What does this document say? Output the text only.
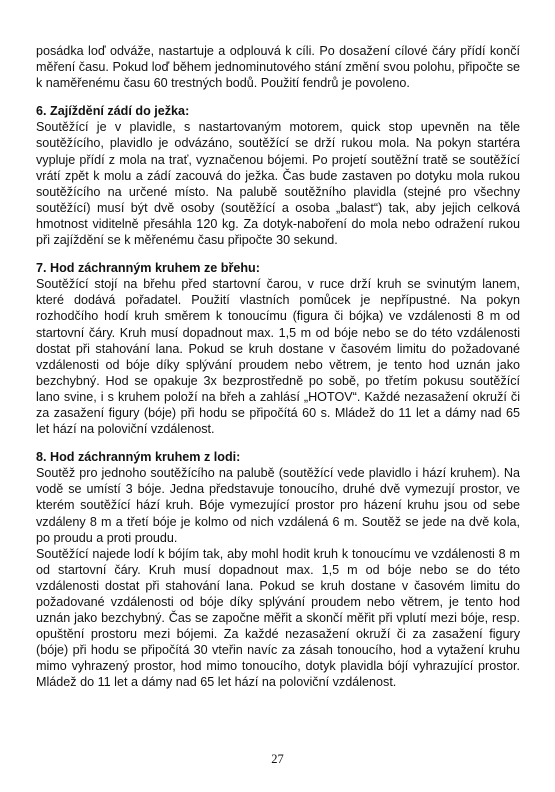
posádka loď odváže, nastartuje a odplouvá k cíli. Po dosažení cílové čáry přídí končí měření času. Pokud loď během jednominutového stání změní svou polohu, připočte se k naměřenému času 60 trestných bodů. Použití fendrů je povoleno.

6. Zajíždění zádí do ježka:

Soutěžící je v plavidle, s nastartovaným motorem, quick stop upevněn na těle soutěžícího, plavidlo je odvázáno, soutěžící se drží rukou mola. Na pokyn startéra vypluje přídí z mola na trať, vyznačenou bójemi. Po projetí soutěžní tratě se soutěžící vrátí zpět k molu a zádí zacouvá do ježka. Čas bude zastaven po dotyku mola rukou soutěžícího na určené místo. Na palubě soutěžního plavidla (stejné pro všechny soutěžící) musí být dvě osoby (soutěžící a osoba „balast“) tak, aby jejich celková hmotnost viditelně přesáhla 120 kg. Za dotyk-naboření do mola nebo odražení rukou při zajíždění se k měřenému času připočte 30 sekund.

7. Hod záchranným kruhem ze břehu:

Soutěžící stojí na břehu před startovní čarou, v ruce drží kruh se svinutým lanem, které dodává pořadatel. Použití vlastních pomůcek je nepřípustné. Na pokyn rozhodčího hodí kruh směrem k tonoucímu (figura či bójka) ve vzdálenosti 8 m od startovní čáry. Kruh musí dopadnout max. 1,5 m od bóje nebo se do této vzdálenosti dostat při stahování lana. Pokud se kruh dostane v časovém limitu do požadované vzdálenosti od bóje díky splývání proudem nebo větrem, je tento hod uznán jako bezchybný. Hod se opakuje 3x bezprostředně po sobě, po třetím pokusu soutěžící lano svine, i s kruhem položí na břeh a zahlásí „HOTOV“. Každé nezasažení okruží či za zasažení figury (bóje) při hodu se připočítá 60 s. Mládež do 11 let a dámy nad 65 let hází na poloviční vzdálenost.

8. Hod záchranným kruhem z lodi:

Soutěž pro jednoho soutěžícího na palubě (soutěžící vede plavidlo i hází kruhem). Na vodě se umístí 3 bóje. Jedna představuje tonoucího, druhé dvě vymezují prostor, ve kterém soutěžící hází kruh. Bóje vymezující prostor pro házení kruhu jsou od sebe vzdáleny 8 m a třetí bóje je kolmo od nich vzdálená 6 m. Soutěž se jede na dvě kola, po proudu a proti proudu.

Soutěžící najede lodí k bójím tak, aby mohl hodit kruh k tonoucímu ve vzdálenosti 8 m od startovní čáry. Kruh musí dopadnout max. 1,5 m od bóje nebo se do této vzdálenosti dostat při stahování lana. Pokud se kruh dostane v časovém limitu do požadované vzdálenosti od bóje díky splývání proudem nebo větrem, je tento hod uznán jako bezchybný. Čas se započne měřit a skončí měřit při vplutí mezi bóje, resp. opuštění prostoru mezi bójemi. Za každé nezasažení okruží či za zasažení figury (bóje) při hodu se připočítá 30 vteřin navíc za zásah tonoucího, hod a vytažení kruhu mimo vyhrazený prostor, hod mimo tonoucího, dotyk plavidla bójí vyhrazující prostor. Mládež do 11 let a dámy nad 65 let hází na poloviční vzdálenost.

27
